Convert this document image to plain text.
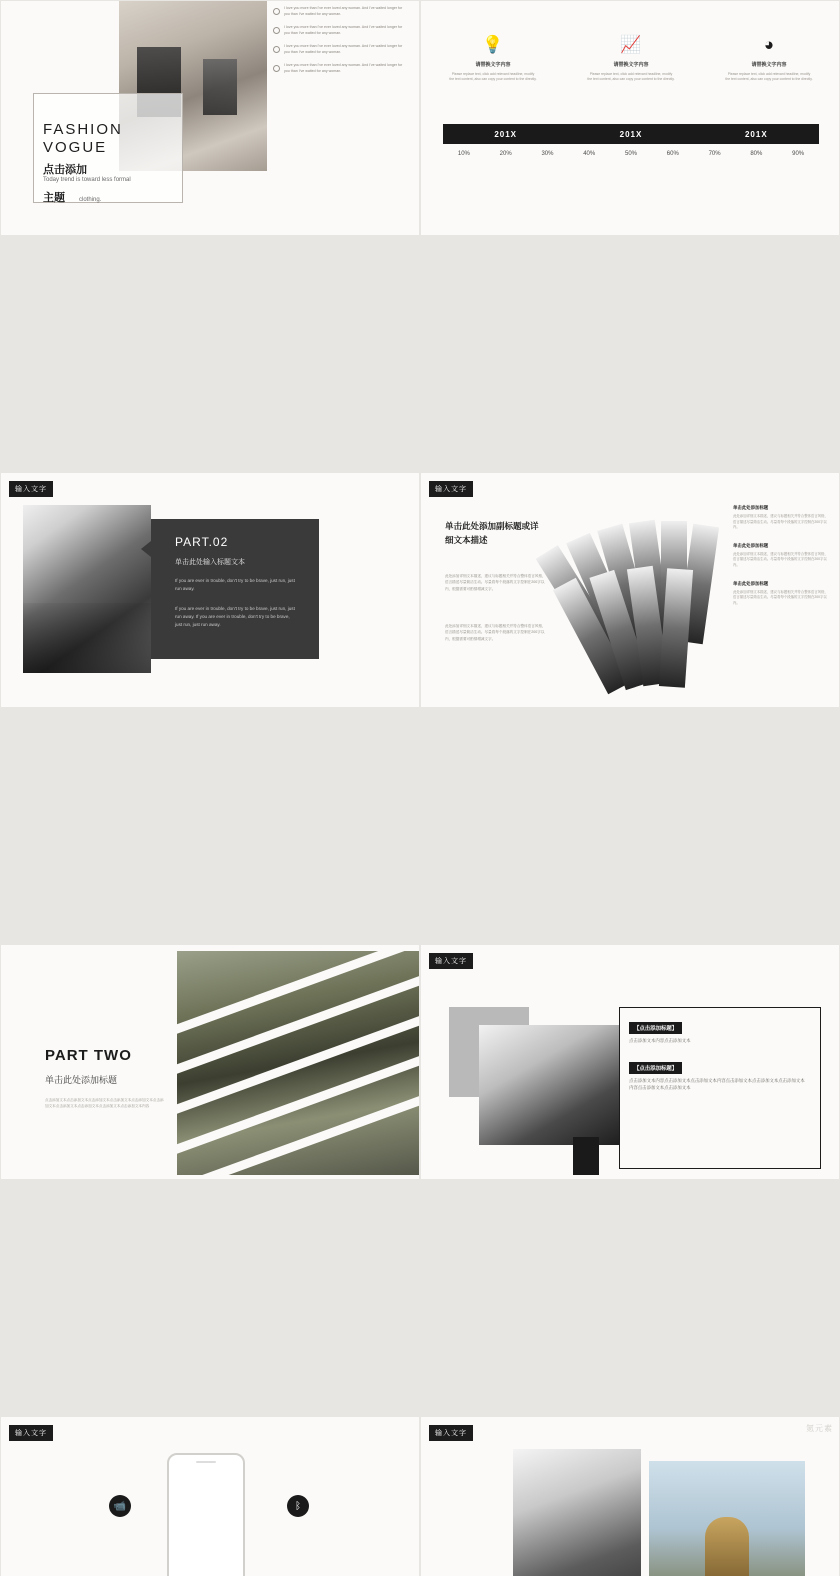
FASHION
VOGUE
点击添加
Today trend is toward less formal
主题 clothing.
I love you more than I've ever loved any woman. And I've waited longer for you than I've waited for any woman.
I love you more than I've ever loved any woman. And I've waited longer for you than I've waited for any woman.
I love you more than I've ever loved any woman. And I've waited longer for you than I've waited for any woman.
I love you more than I've ever loved any woman. And I've waited longer for you than I've waited for any woman.
💡
请替换文字内容
Please replace text, click add relevant headline, modify the text content, also can copy your content to the directly.
📈
请替换文字内容
Please replace text, click add relevant headline, modify the text content, also can copy your content to the directly.
◕
请替换文字内容
Please replace text, click add relevant headline, modify the text content, also can copy your content to the directly.
201X	201X	201X
10%	20%	30%	40%	50%	60%	70%	80%	90%
输入文字
PART.02
单击此处输入标题文本
If you are ever in trouble, don't try to be brave, just run, just run away.
If you are ever in trouble, don't try to be brave, just run, just run away. If you are ever in trouble, don't try to be brave, just run, just run away.
输入文字
单击此处添加副标题或详细文本描述
此处添加详细文本描述，建议与标题相关并符合整体语言风格，语言描述尽量简洁生动。尽量将每个段落的文字控制在200字以内，根据需要可酌情增减文字。
此处添加详细文本描述，建议与标题相关并符合整体语言风格，语言描述尽量简洁生动。尽量将每个段落的文字控制在200字以内，根据需要可酌情增减文字。
单击此处添加标题

此处添加详细文本描述，建议与标题相关并符合整体语言风格，语言描述尽量简洁生动。尽量将每个段落的文字控制在200字以内。

单击此处添加标题

此处添加详细文本描述，建议与标题相关并符合整体语言风格，语言描述尽量简洁生动。尽量将每个段落的文字控制在200字以内。

单击此处添加标题

此处添加详细文本描述，建议与标题相关并符合整体语言风格，语言描述尽量简洁生动。尽量将每个段落的文字控制在200字以内。

PART TWO
单击此处添加标题
点击添加文本点击添加文本点击添加文本点击添加文本点击添加文本点击添加文本点击添加文本点击添加文本点击添加文本点击添加文本内容
输入文字
【点击添加标题】
点击添加文本内容点击添加文本
【点击添加标题】
点击添加文本内容点击添加文本点击添加文本内容点击添加文本点击添加文本点击添加文本内容点击添加文本点击添加文本
输入文字
📹	ᛒ
输入文字
氪元素
